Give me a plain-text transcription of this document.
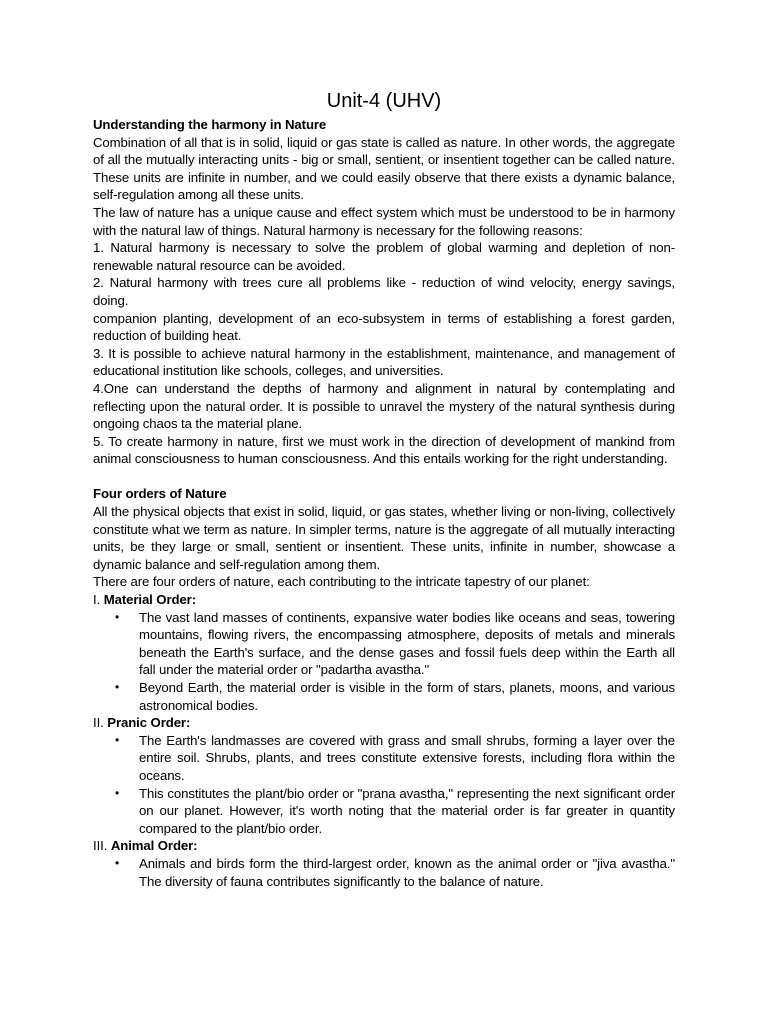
Unit-4 (UHV)

Understanding the harmony in Nature

Combination of all that is in solid, liquid or gas state is called as nature. In other words, the aggregate of all the mutually interacting units - big or small, sentient, or insentient together can be called nature. These units are infinite in number, and we could easily observe that there exists a dynamic balance, self-regulation among all these units.

The law of nature has a unique cause and effect system which must be understood to be in harmony with the natural law of things. Natural harmony is necessary for the following reasons:

1. Natural harmony is necessary to solve the problem of global warming and depletion of non-renewable natural resource can be avoided.

2. Natural harmony with trees cure all problems like - reduction of wind velocity, energy savings, doing.

companion planting, development of an eco-subsystem in terms of establishing a forest garden, reduction of building heat.

3. It is possible to achieve natural harmony in the establishment, maintenance, and management of educational institution like schools, colleges, and universities.

4.One can understand the depths of harmony and alignment in natural by contemplating and reflecting upon the natural order. It is possible to unravel the mystery of the natural synthesis during ongoing chaos ta the material plane.

5. To create harmony in nature, first we must work in the direction of development of mankind from animal consciousness to human consciousness. And this entails working for the right understanding.

Four orders of Nature

All the physical objects that exist in solid, liquid, or gas states, whether living or non-living, collectively constitute what we term as nature. In simpler terms, nature is the aggregate of all mutually interacting units, be they large or small, sentient or insentient. These units, infinite in number, showcase a dynamic balance and self-regulation among them.

There are four orders of nature, each contributing to the intricate tapestry of our planet:

I. Material Order:

• The vast land masses of continents, expansive water bodies like oceans and seas, towering mountains, flowing rivers, the encompassing atmosphere, deposits of metals and minerals beneath the Earth's surface, and the dense gases and fossil fuels deep within the Earth all fall under the material order or "padartha avastha."
• Beyond Earth, the material order is visible in the form of stars, planets, moons, and various astronomical bodies.

II. Pranic Order:

• The Earth's landmasses are covered with grass and small shrubs, forming a layer over the entire soil. Shrubs, plants, and trees constitute extensive forests, including flora within the oceans.
• This constitutes the plant/bio order or "prana avastha," representing the next significant order on our planet. However, it's worth noting that the material order is far greater in quantity compared to the plant/bio order.

III. Animal Order:

• Animals and birds form the third-largest order, known as the animal order or "jiva avastha." The diversity of fauna contributes significantly to the balance of nature.
